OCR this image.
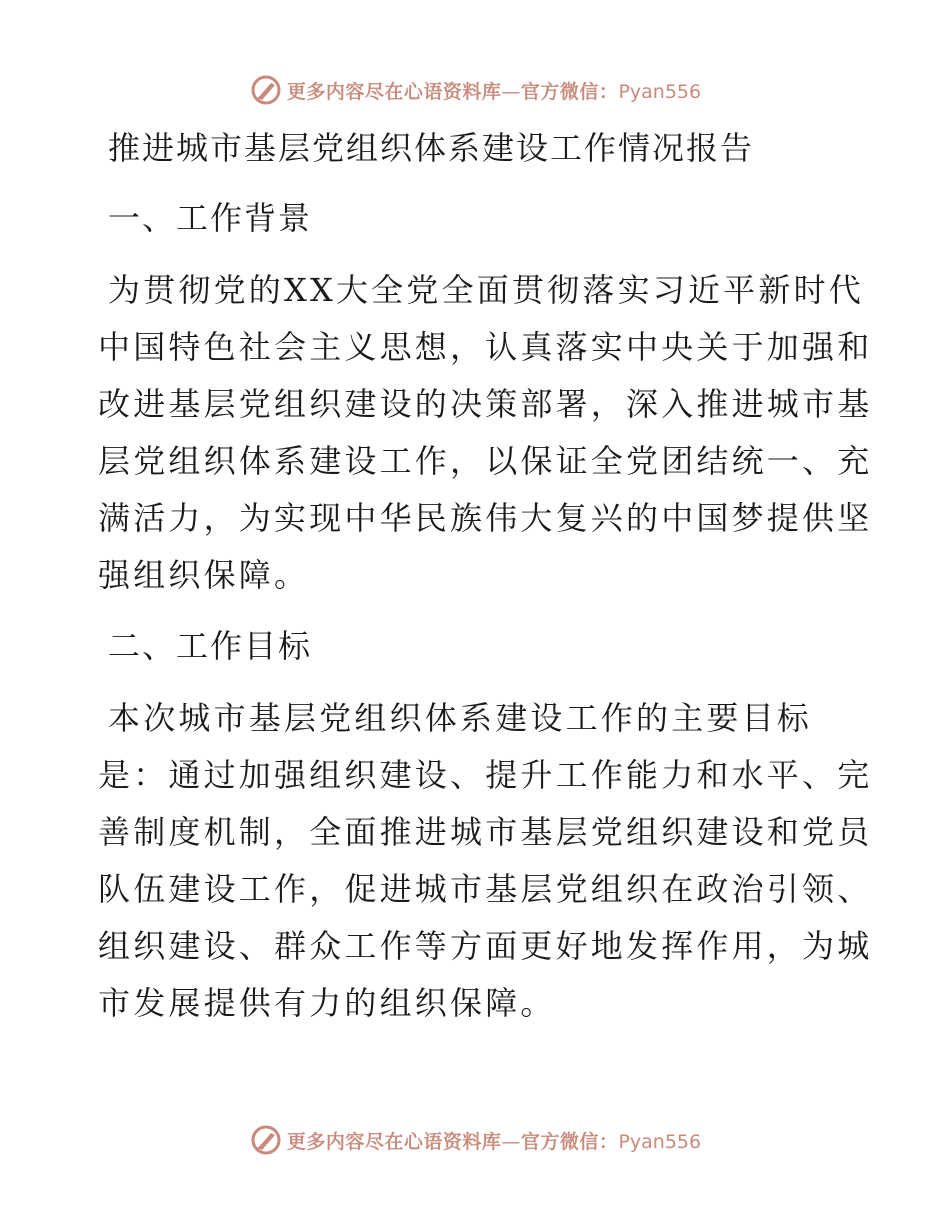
更多内容尽在心语资料库—官方微信：Pyan556
推进城市基层党组织体系建设工作情况报告
一、工作背景
为贯彻党的XX大全党全面贯彻落实习近平新时代
中国特色社会主义思想，认真落实中央关于加强和
改进基层党组织建设的决策部署，深入推进城市基
层党组织体系建设工作，以保证全党团结统一、充
满活力，为实现中华民族伟大复兴的中国梦提供坚
强组织保障。
二、工作目标
本次城市基层党组织体系建设工作的主要目标
是：通过加强组织建设、提升工作能力和水平、完
善制度机制，全面推进城市基层党组织建设和党员
队伍建设工作，促进城市基层党组织在政治引领、
组织建设、群众工作等方面更好地发挥作用，为城
市发展提供有力的组织保障。
更多内容尽在心语资料库—官方微信：Pyan556
